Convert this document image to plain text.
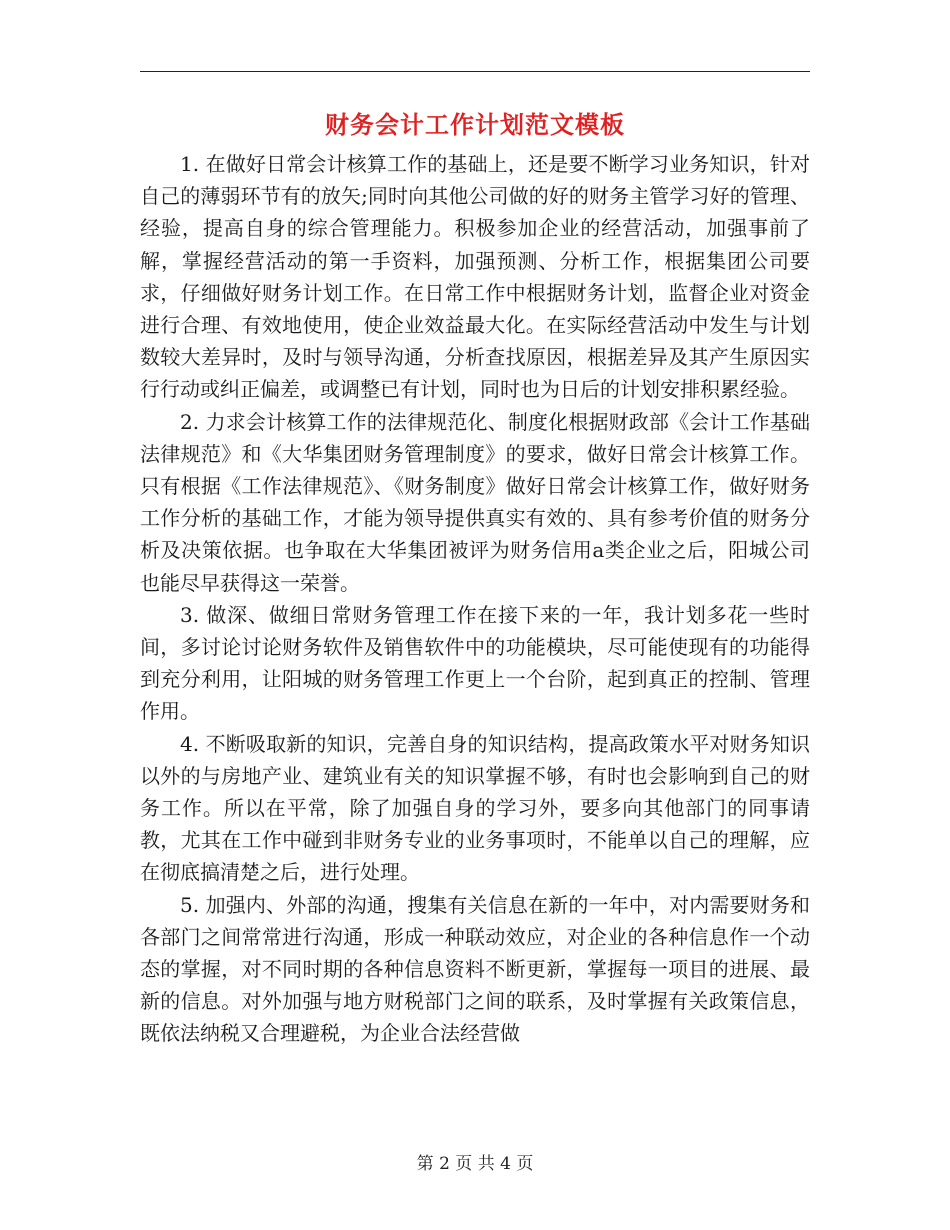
财务会计工作计划范文模板

1. 在做好日常会计核算工作的基础上，还是要不断学习业务知识，针对自己的薄弱环节有的放矢;同时向其他公司做的好的财务主管学习好的管理、经验，提高自身的综合管理能力。积极参加企业的经营活动，加强事前了解，掌握经营活动的第一手资料，加强预测、分析工作，根据集团公司要求，仔细做好财务计划工作。在日常工作中根据财务计划，监督企业对资金进行合理、有效地使用，使企业效益最大化。在实际经营活动中发生与计划数较大差异时，及时与领导沟通，分析查找原因，根据差异及其产生原因实行行动或纠正偏差，或调整已有计划，同时也为日后的计划安排积累经验。

2. 力求会计核算工作的法律规范化、制度化根据财政部《会计工作基础法律规范》和《大华集团财务管理制度》的要求，做好日常会计核算工作。只有根据《工作法律规范》、《财务制度》做好日常会计核算工作，做好财务工作分析的基础工作，才能为领导提供真实有效的、具有参考价值的财务分析及决策依据。也争取在大华集团被评为财务信用a类企业之后，阳城公司也能尽早获得这一荣誉。

3. 做深、做细日常财务管理工作在接下来的一年，我计划多花一些时间，多讨论讨论财务软件及销售软件中的功能模块，尽可能使现有的功能得到充分利用，让阳城的财务管理工作更上一个台阶，起到真正的控制、管理作用。

4. 不断吸取新的知识，完善自身的知识结构，提高政策水平对财务知识以外的与房地产业、建筑业有关的知识掌握不够，有时也会影响到自己的财务工作。所以在平常，除了加强自身的学习外，要多向其他部门的同事请教，尤其在工作中碰到非财务专业的业务事项时，不能单以自己的理解，应在彻底搞清楚之后，进行处理。

5. 加强内、外部的沟通，搜集有关信息在新的一年中，对内需要财务和各部门之间常常进行沟通，形成一种联动效应，对企业的各种信息作一个动态的掌握，对不同时期的各种信息资料不断更新，掌握每一项目的进展、最新的信息。对外加强与地方财税部门之间的联系，及时掌握有关政策信息，既依法纳税又合理避税，为企业合法经营做

第 2 页 共 4 页
